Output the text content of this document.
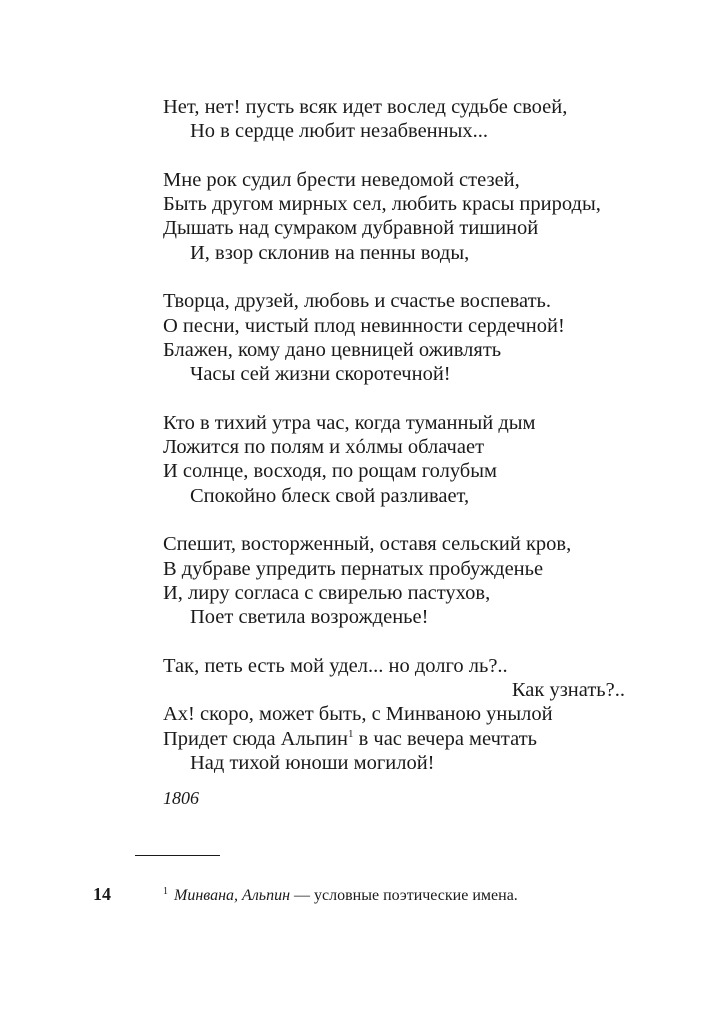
Нет, нет! пусть всяк идет вослед судьбе своей,
Но в сердце любит незабвенных...
Мне рок судил брести неведомой стезей,
Быть другом мирных сел, любить красы природы,
Дышать над сумраком дубравной тишиной
И, взор склонив на пенны воды,
Творца, друзей, любовь и счастье воспевать.
О песни, чистый плод невинности сердечной!
Блажен, кому дано цевницей оживлять
Часы сей жизни скоротечной!
Кто в тихий утра час, когда туманный дым
Ложится по полям и хóлмы облачает
И солнце, восходя, по рощам голубым
Спокойно блеск свой разливает,
Спешит, восторженный, оставя сельский кров,
В дубраве упредить пернатых пробужденье
И, лиру согласа с свирелью пастухов,
Поет светила возрожденье!
Так, петь есть мой удел... но долго ль?..
Как узнать?..
Ах! скоро, может быть, с Минваною унылой
Придет сюда Альпин$^1$ в час вечера мечтать
Над тихой юноши могилой!
1806
14	$^1$ Минвана, Альпин — условные поэтические имена.
